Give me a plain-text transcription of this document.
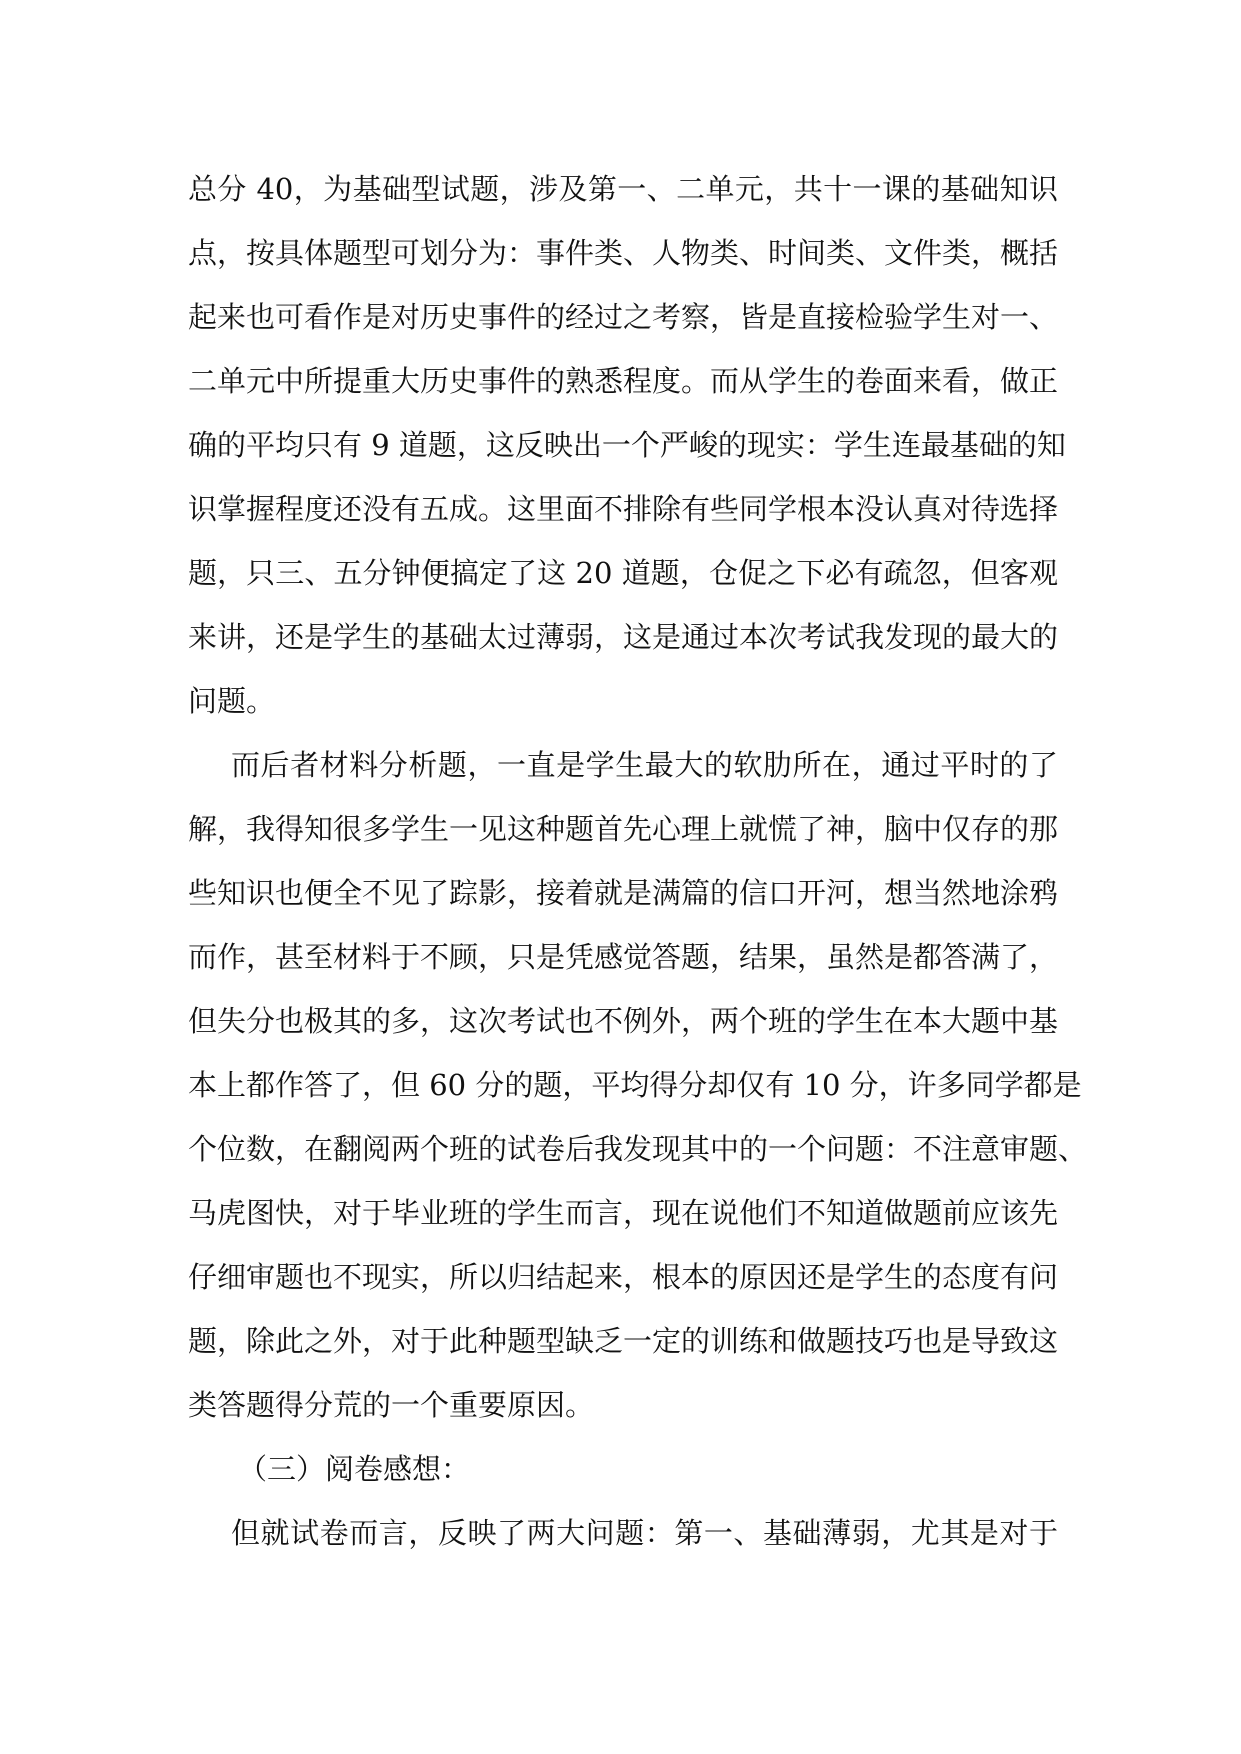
总分 40，为基础型试题，涉及第一、二单元，共十一课的基础知识
点，按具体题型可划分为：事件类、人物类、时间类、文件类，概括
起来也可看作是对历史事件的经过之考察，皆是直接检验学生对一、
二单元中所提重大历史事件的熟悉程度。而从学生的卷面来看，做正
确的平均只有 9 道题，这反映出一个严峻的现实：学生连最基础的知
识掌握程度还没有五成。这里面不排除有些同学根本没认真对待选择
题，只三、五分钟便搞定了这 20 道题，仓促之下必有疏忽，但客观
来讲，还是学生的基础太过薄弱，这是通过本次考试我发现的最大的
问题。
而后者材料分析题，一直是学生最大的软肋所在，通过平时的了
解，我得知很多学生一见这种题首先心理上就慌了神，脑中仅存的那
些知识也便全不见了踪影，接着就是满篇的信口开河，想当然地涂鸦
而作，甚至材料于不顾，只是凭感觉答题，结果，虽然是都答满了，
但失分也极其的多，这次考试也不例外，两个班的学生在本大题中基
本上都作答了，但 60 分的题，平均得分却仅有 10 分，许多同学都是
个位数，在翻阅两个班的试卷后我发现其中的一个问题：不注意审题、
马虎图快，对于毕业班的学生而言，现在说他们不知道做题前应该先
仔细审题也不现实，所以归结起来，根本的原因还是学生的态度有问
题，除此之外，对于此种题型缺乏一定的训练和做题技巧也是导致这
类答题得分荒的一个重要原因。
（三）阅卷感想：
但就试卷而言，反映了两大问题：第一、基础薄弱，尤其是对于
